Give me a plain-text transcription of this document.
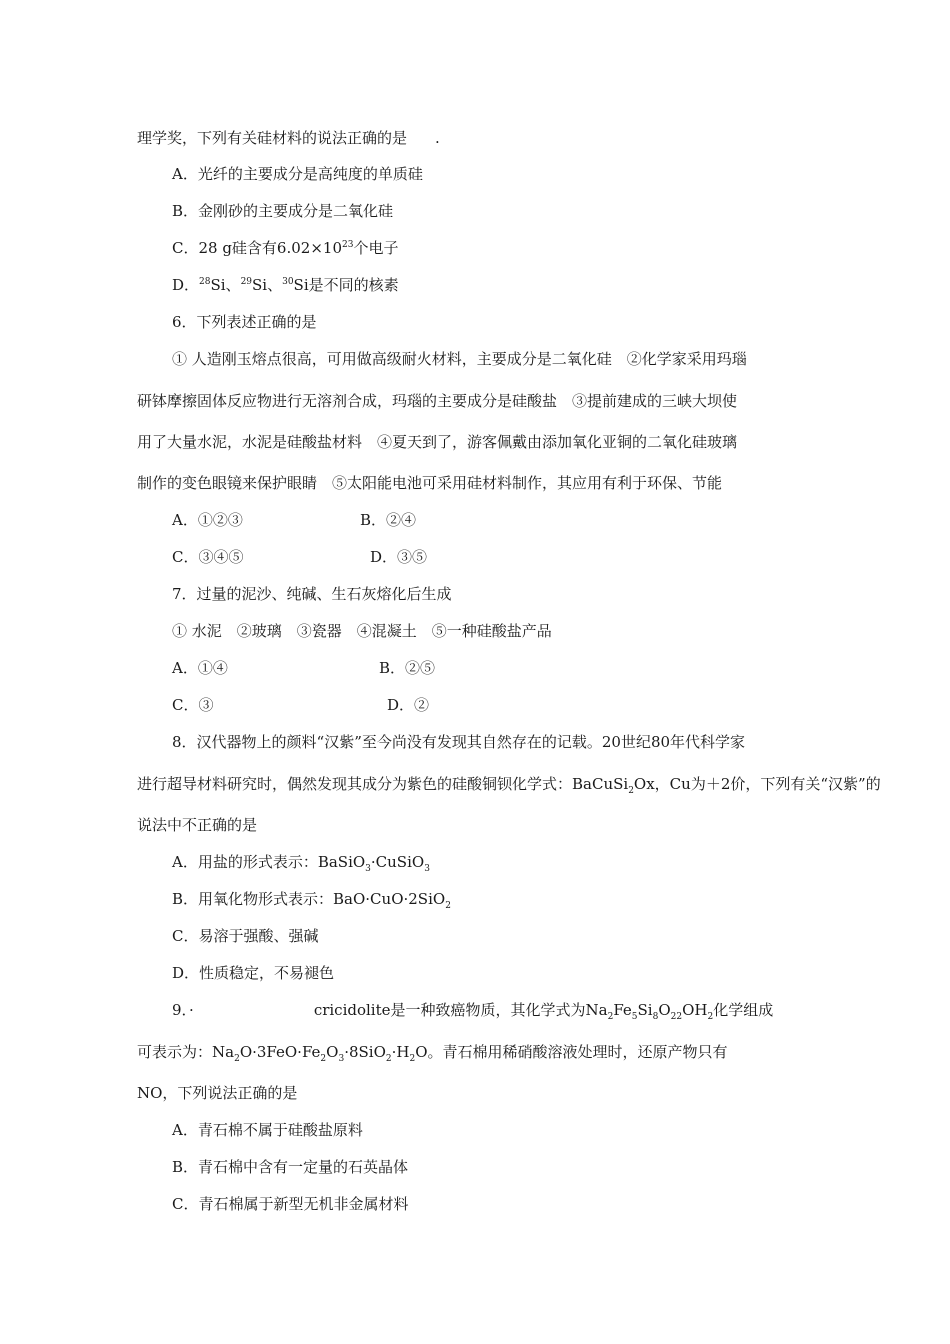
理学奖，下列有关硅材料的说法正确的是 .
A．光纤的主要成分是高纯度的单质硅
B．金刚砂的主要成分是二氧化硅
C．28 g硅含有$6.02\times 10^{23}$个电子
D．$^{28}$Si、$^{29}$Si、$^{30}$Si是不同的核素
6．下列表述正确的是
① 人造刚玉熔点很高，可用做高级耐火材料，主要成分是二氧化硅　②化学家采用玛瑙
研钵摩擦固体反应物进行无溶剂合成，玛瑙的主要成分是硅酸盐　③提前建成的三峡大坝使
用了大量水泥，水泥是硅酸盐材料　④夏天到了，游客佩戴由添加氧化亚铜的二氧化硅玻璃
制作的变色眼镜来保护眼睛　⑤太阳能电池可采用硅材料制作，其应用有利于环保、节能
A．①②③	B．②④
C．③④⑤	D．③⑤
7．过量的泥沙、纯碱、生石灰熔化后生成
① 水泥　②玻璃　③瓷器　④混凝土　⑤一种硅酸盐产品
A．①④	B．②⑤
C．③	D．②
8．汉代器物上的颜料“汉紫”至今尚没有发现其自然存在的记载。20世纪80年代科学家
进行超导材料研究时，偶然发现其成分为紫色的硅酸铜钡化学式：BaCuSi$_2$Ox，Cu为＋2价，下列有关“汉紫”的
说法中不正确的是
A．用盐的形式表示：BaSiO$_3$·CuSiO$_3$
B．用氧化物形式表示：BaO·CuO·2SiO$_2$
C．易溶于强酸、强碱
D．性质稳定，不易褪色
9．·	cricidolite是一种致癌物质，其化学式为$Na_2Fe_5Si_8O_{22}OH_2$化学组成
可表示为：$Na_2O\cdot 3FeO\cdot Fe_2O_3\cdot 8SiO_2\cdot H_2O$。青石棉用稀硝酸溶液处理时，还原产物只有
NO，下列说法正确的是
A．青石棉不属于硅酸盐原料
B．青石棉中含有一定量的石英晶体
C．青石棉属于新型无机非金属材料
